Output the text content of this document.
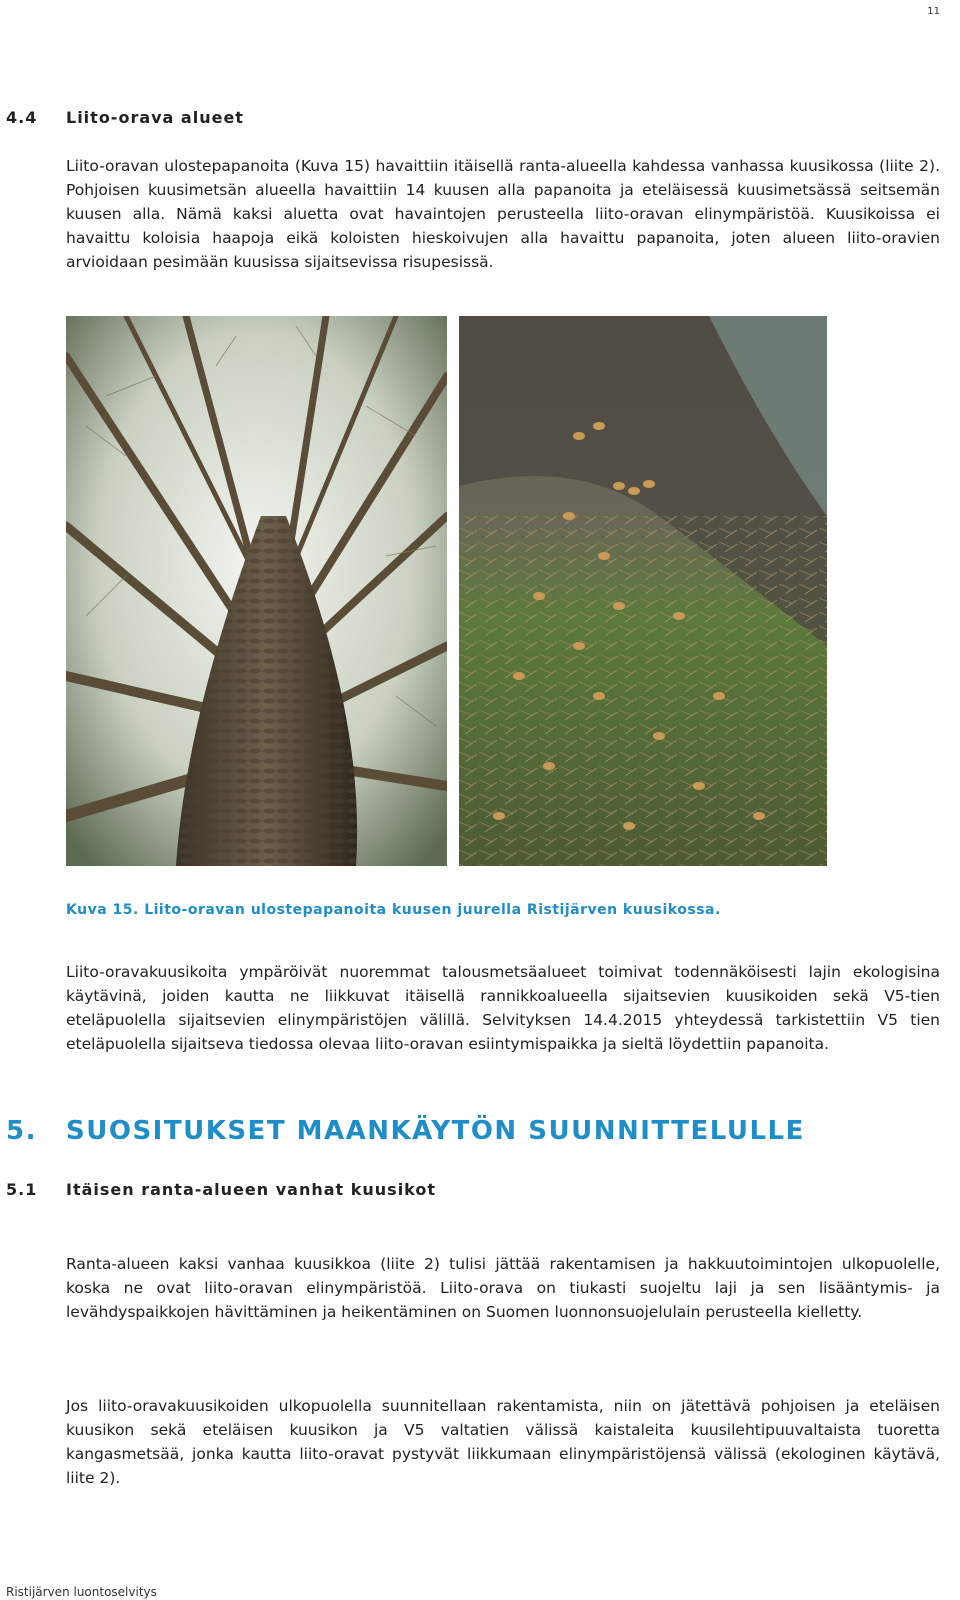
11
4.4 Liito-orava alueet

Liito-oravan ulostepapanoita (Kuva 15) havaittiin itäisellä ranta-alueella kahdessa vanhassa kuusikossa (liite 2). Pohjoisen kuusimetsän alueella havaittiin 14 kuusen alla papanoita ja eteläisessä kuusimetsässä seitsemän kuusen alla. Nämä kaksi aluetta ovat havaintojen perusteella liito-oravan elinympäristöä. Kuusikoissa ei havaittu koloisia haapoja eikä koloisten hieskoivujen alla havaittu papanoita, joten alueen liito-oravien arvioidaan pesimään kuusissa sijaitsevissa risupesissä.

Kuva 15. Liito-oravan ulostepapanoita kuusen juurella Ristijärven kuusikossa.

Liito-oravakuusikoita ympäröivät nuoremmat talousmetsäalueet toimivat todennäköisesti lajin ekologisina käytävinä, joiden kautta ne liikkuvat itäisellä rannikkoalueella sijaitsevien kuusikoiden sekä V5-tien eteläpuolella sijaitsevien elinympäristöjen välillä. Selvityksen 14.4.2015 yhteydessä tarkistettiin V5 tien eteläpuolella sijaitseva tiedossa olevaa liito-oravan esiintymispaikka ja sieltä löydettiin papanoita.

5. SUOSITUKSET MAANKÄYTÖN SUUNNITTELULLE
5.1 Itäisen ranta-alueen vanhat kuusikot

Ranta-alueen kaksi vanhaa kuusikkoa (liite 2) tulisi jättää rakentamisen ja hakkuutoimintojen ulkopuolelle, koska ne ovat liito-oravan elinympäristöä. Liito-orava on tiukasti suojeltu laji ja sen lisääntymis- ja levähdyspaikkojen hävittäminen ja heikentäminen on Suomen luonnonsuojelulain perusteella kielletty.

Jos liito-oravakuusikoiden ulkopuolella suunnitellaan rakentamista, niin on jätettävä pohjoisen ja eteläisen kuusikon sekä eteläisen kuusikon ja V5 valtatien välissä kaistaleita kuusilehtipuuvaltaista tuoretta kangasmetsää, jonka kautta liito-oravat pystyvät liikkumaan elinympäristöjensä välissä (ekologinen käytävä, liite 2).

Ristijärven luontoselvitys
